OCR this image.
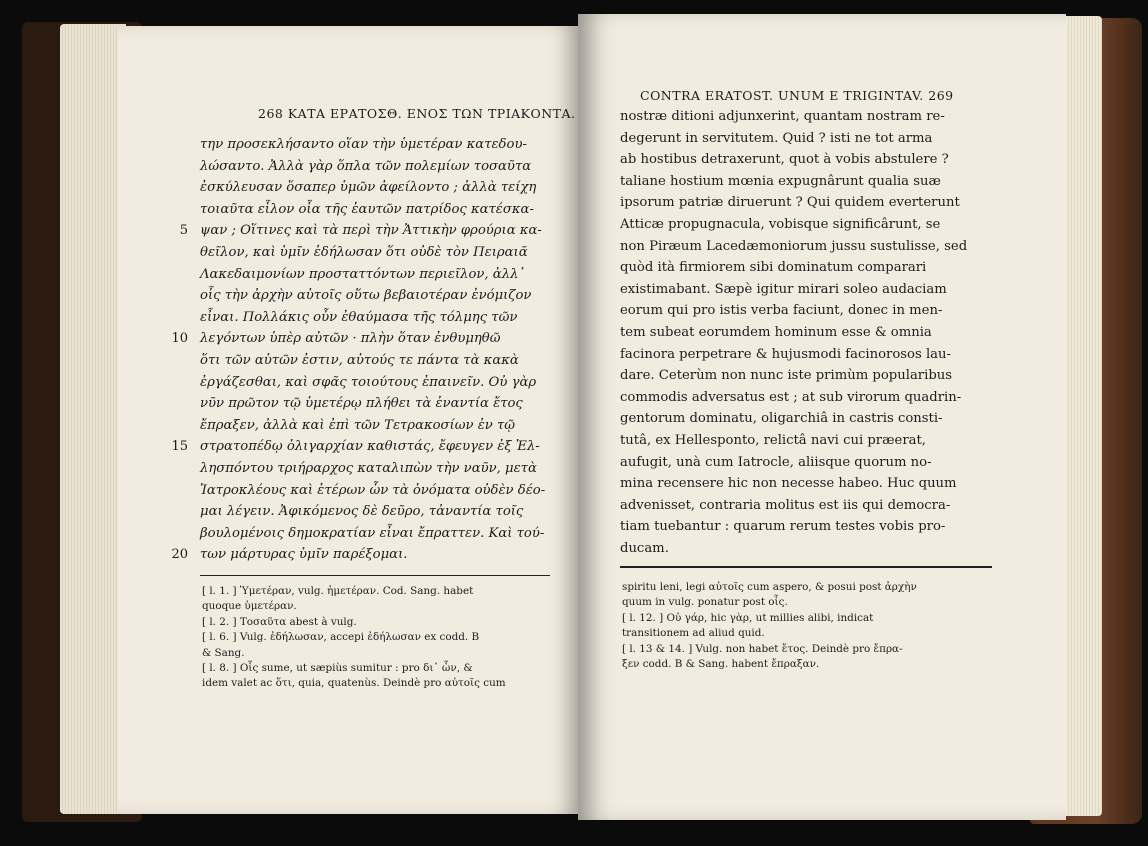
268 ΚΑΤΑ ΕΡΑΤΟΣΘ. ΕΝΟΣ ΤΩΝ ΤΡΙΑΚΟΝΤΑ.
την προσεκλήσαντο οἵαν τὴν ὑμετέραν κατεδου-
λώσαντο. Ἀλλὰ γὰρ ὅπλα τῶν πολεμίων τοσαῦτα
ἐσκύλευσαν ὅσαπερ ὑμῶν ἀφείλοντο ; ἀλλὰ τείχη
τοιαῦτα εἷλον οἷα τῆς ἑαυτῶν πατρίδος κατέσκα-
5 ψαν ; Οἵτινες καὶ τὰ περὶ τὴν Ἀττικὴν φρούρια κα-
θεῖλον, καὶ ὑμῖν ἐδήλωσαν ὅτι οὐδὲ τὸν Πειραιᾶ
Λακεδαιμονίων προσταττόντων περιεῖλον, ἀλλ᾽
οἷς τὴν ἀρχὴν αὐτοῖς οὕτω βεβαιοτέραν ἐνόμιζον
εἶναι. Πολλάκις οὖν ἐθαύμασα τῆς τόλμης τῶν
10 λεγόντων ὑπὲρ αὐτῶν · πλὴν ὅταν ἐνθυμηθῶ
ὅτι τῶν αὐτῶν ἐστιν, αὐτούς τε πάντα τὰ κακὰ
ἐργάζεσθαι, καὶ σφᾶς τοιούτους ἐπαινεῖν. Οὐ γὰρ
νῦν πρῶτον τῷ ὑμετέρῳ πλήθει τὰ ἐναντία ἔτος
ἔπραξεν, ἀλλὰ καὶ ἐπὶ τῶν Τετρακοσίων ἐν τῷ
15 στρατοπέδῳ ὀλιγαρχίαν καθιστάς, ἔφευγεν ἐξ Ἑλ-
λησπόντου τριήραρχος καταλιπὼν τὴν ναῦν, μετὰ
Ἰατροκλέους καὶ ἑτέρων ὧν τὰ ὀνόματα οὐδὲν δέο-
μαι λέγειν. Ἀφικόμενος δὲ δεῦρο, τἀναντία τοῖς
βουλομένοις δημοκρατίαν εἶναι ἔπραττεν. Καὶ τού-
20 των μάρτυρας ὑμῖν παρέξομαι.
[ l. 1. ] Ὑμετέραν, vulg. ἡμετέραν. Cod. Sang. habet
quoque ὑμετέραν.
[ l. 2. ] Τοσαῦτα abest à vulg.
[ l. 6. ] Vulg. ἐδήλωσαν, accepi ἐδήλωσαν ex codd. B
& Sang.
[ l. 8. ] Οἷς sume, ut sæpiùs sumitur : pro δι᾽ ὧν, &
idem valet ac ὅτι, quia, quatenùs. Deindè pro αὐτοῖς cum
CONTRA ERATOST. UNUM E TRIGINTAV. 269
nostræ ditioni adjunxerint, quantam nostram re-
degerunt in servitutem. Quid ? isti ne tot arma
ab hostibus detraxerunt, quot à vobis abstulere ?
taliane hostium mœnia expugnârunt qualia suæ
ipsorum patriæ diruerunt ? Qui quidem everterunt
Atticæ propugnacula, vobisque significârunt, se
non Piræum Lacedæmoniorum jussu sustulisse, sed
quòd ità firmiorem sibi dominatum comparari
existimabant. Sæpè igitur mirari soleo audaciam
eorum qui pro istis verba faciunt, donec in men-
tem subeat eorumdem hominum esse & omnia
facinora perpetrare & hujusmodi facinorosos lau-
dare. Ceterùm non nunc iste primùm popularibus
commodis adversatus est ; at sub virorum quadrin-
gentorum dominatu, oligarchiâ in castris consti-
tutâ, ex Hellesponto, relictâ navi cui præerat,
aufugit, unà cum Iatrocle, aliisque quorum no-
mina recensere hic non necesse habeo. Huc quum
advenisset, contraria molitus est iis qui democra-
tiam tuebantur : quarum rerum testes vobis pro-
ducam.
spiritu leni, legi αὐτοῖς cum aspero, & posui post ἀρχὴν
quum in vulg. ponatur post οἷς.
[ l. 12. ] Οὐ γάρ, hic γὰρ, ut millies alibi, indicat
transitionem ad aliud quid.
[ l. 13 & 14. ] Vulg. non habet ἔτος. Deindè pro ἔπρα-
ξεν codd. B & Sang. habent ἔπραξαν.
